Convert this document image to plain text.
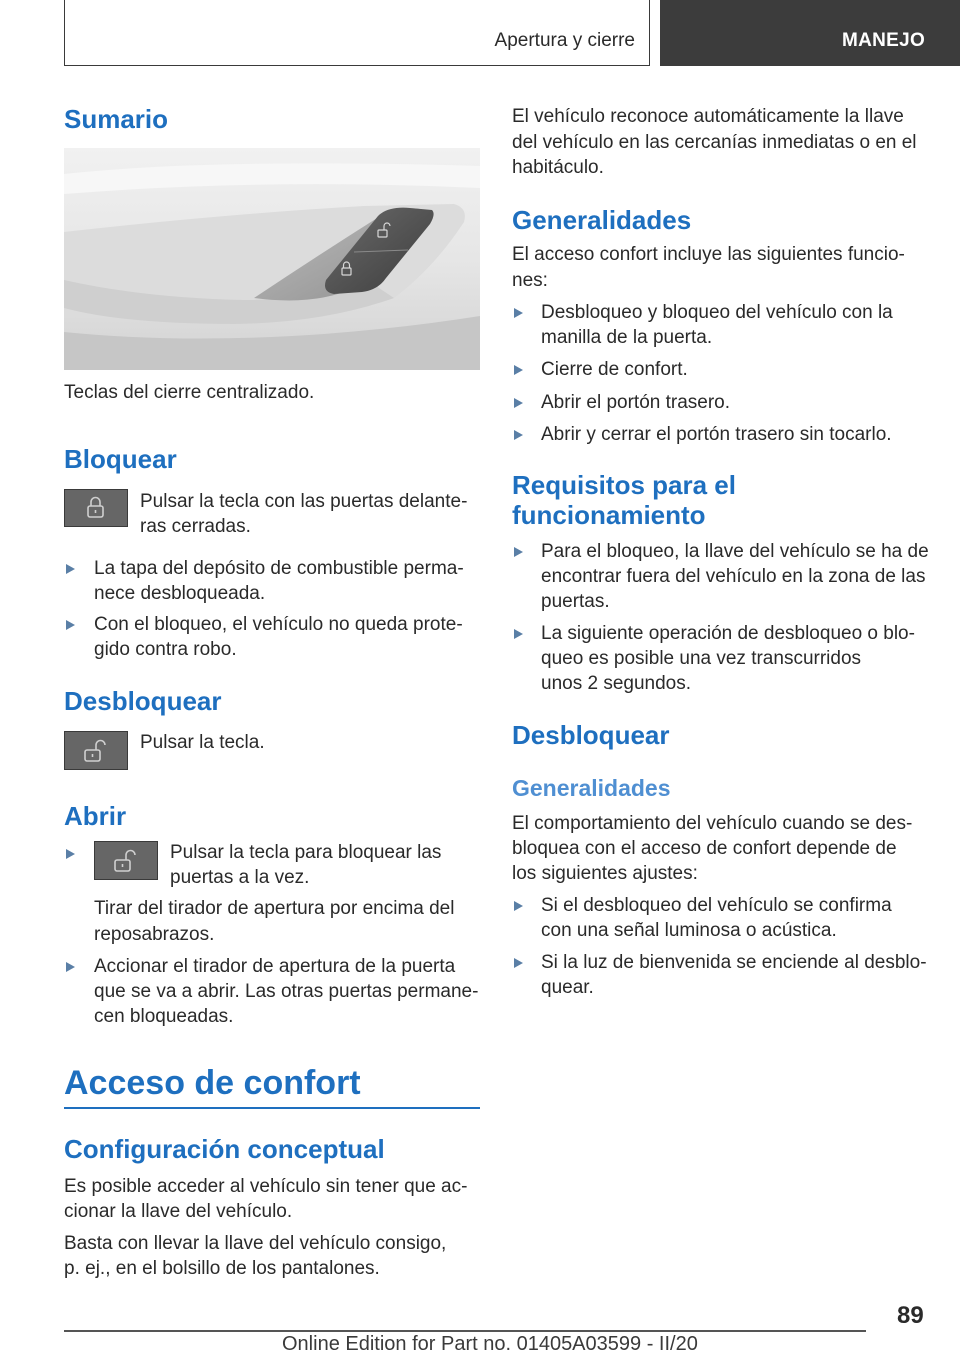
Apertura y cierre	MANEJO
Sumario
Teclas del cierre centralizado.
Bloquear
Pulsar la tecla con las puertas delante-
ras cerradas.
La tapa del depósito de combustible perma-
nece desbloqueada.
Con el bloqueo, el vehículo no queda prote-
gido contra robo.
Desbloquear
Pulsar la tecla.
Abrir
Pulsar la tecla para bloquear las
puertas a la vez.
Tirar del tirador de apertura por encima del
reposabrazos.
Accionar el tirador de apertura de la puerta
que se va a abrir. Las otras puertas permane-
cen bloqueadas.
Acceso de confort
Configuración conceptual
Es posible acceder al vehículo sin tener que ac-
cionar la llave del vehículo.
Basta con llevar la llave del vehículo consigo,
p. ej., en el bolsillo de los pantalones.
El vehículo reconoce automáticamente la llave
del vehículo en las cercanías inmediatas o en el
habitáculo.
Generalidades
El acceso confort incluye las siguientes funcio-
nes:
Desbloqueo y bloqueo del vehículo con la
manilla de la puerta.
Cierre de confort.
Abrir el portón trasero.
Abrir y cerrar el portón trasero sin tocarlo.
Requisitos para el
funcionamiento
Para el bloqueo, la llave del vehículo se ha de
encontrar fuera del vehículo en la zona de las
puertas.
La siguiente operación de desbloqueo o blo-
queo es posible una vez transcurridos
unos 2 segundos.
Desbloquear
Generalidades
El comportamiento del vehículo cuando se des-
bloquea con el acceso de confort depende de
los siguientes ajustes:
Si el desbloqueo del vehículo se confirma
con una señal luminosa o acústica.
Si la luz de bienvenida se enciende al desblo-
quear.
89
Online Edition for Part no. 01405A03599 - II/20
